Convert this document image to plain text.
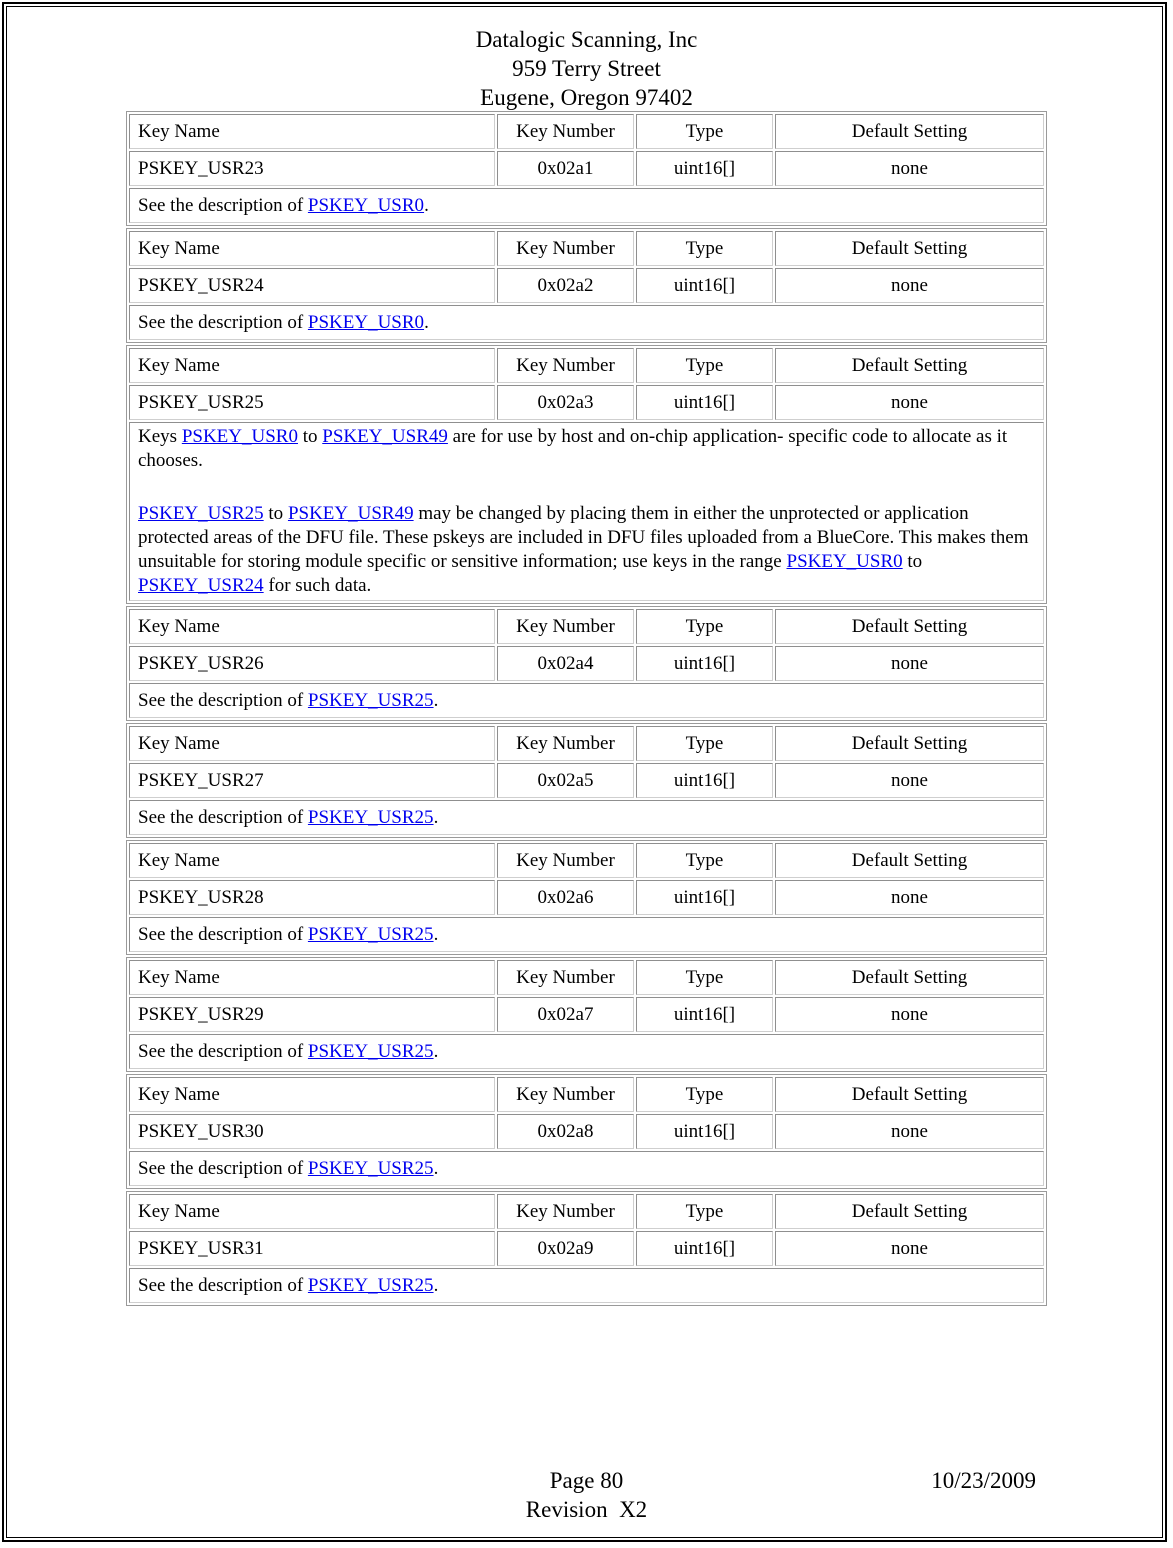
Datalogic Scanning, Inc
959 Terry Street
Eugene, Oregon 97402
Key Name	Key Number	Type	Default Setting
PSKEY_USR23	0x02a1	uint16[]	none
See the description of PSKEY_USR0.			
Key Name	Key Number	Type	Default Setting
PSKEY_USR24	0x02a2	uint16[]	none
See the description of PSKEY_USR0.			
Key Name	Key Number	Type	Default Setting
PSKEY_USR25	0x02a3	uint16[]	none

Keys PSKEY_USR0 to PSKEY_USR49 are for use by host and on-chip application- specific code to allocate as it chooses.

PSKEY_USR25 to PSKEY_USR49 may be changed by placing them in either the unprotected or application protected areas of the DFU file. These pskeys are included in DFU files uploaded from a BlueCore. This makes them unsuitable for storing module specific or sensitive information; use keys in the range PSKEY_USR0 to PSKEY_USR24 for such data.			

Key Name	Key Number	Type	Default Setting
PSKEY_USR26	0x02a4	uint16[]	none
See the description of PSKEY_USR25.			
Key Name	Key Number	Type	Default Setting
PSKEY_USR27	0x02a5	uint16[]	none
See the description of PSKEY_USR25.			
Key Name	Key Number	Type	Default Setting
PSKEY_USR28	0x02a6	uint16[]	none
See the description of PSKEY_USR25.			
Key Name	Key Number	Type	Default Setting
PSKEY_USR29	0x02a7	uint16[]	none
See the description of PSKEY_USR25.			
Key Name	Key Number	Type	Default Setting
PSKEY_USR30	0x02a8	uint16[]	none
See the description of PSKEY_USR25.			
Key Name	Key Number	Type	Default Setting
PSKEY_USR31	0x02a9	uint16[]	none
See the description of PSKEY_USR25.			
Page 80	10/23/2009
Revision  X2
